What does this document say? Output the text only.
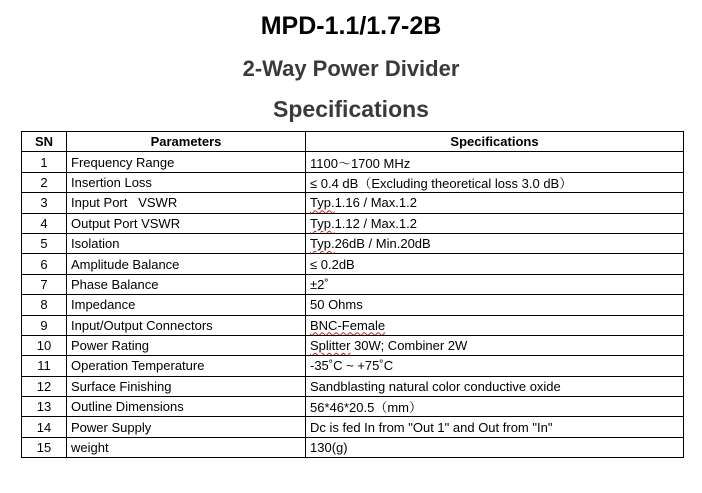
MPD-1.1/1.7-2B
2-Way Power Divider
Specifications
SN	Parameters	Specifications
1	Frequency Range	1100～1700 MHz
2	Insertion Loss	≤ 0.4 dB（Excluding theoretical loss 3.0 dB）
3	Input Port   VSWR	Typ.1.16 / Max.1.2
4	Output Port VSWR	Typ.1.12 / Max.1.2
5	Isolation	Typ.26dB / Min.20dB
6	Amplitude Balance	≤ 0.2dB
7	Phase Balance	±2˚
8	Impedance	50 Ohms
9	Input/Output Connectors	BNC-Female
10	Power Rating	Splitter 30W; Combiner 2W
11	Operation Temperature	-35˚C ~ +75˚C
12	Surface Finishing	Sandblasting natural color conductive oxide
13	Outline Dimensions	56*46*20.5（mm）
14	Power Supply	Dc is fed In from "Out 1" and Out from "In"
15	weight	130(g)
